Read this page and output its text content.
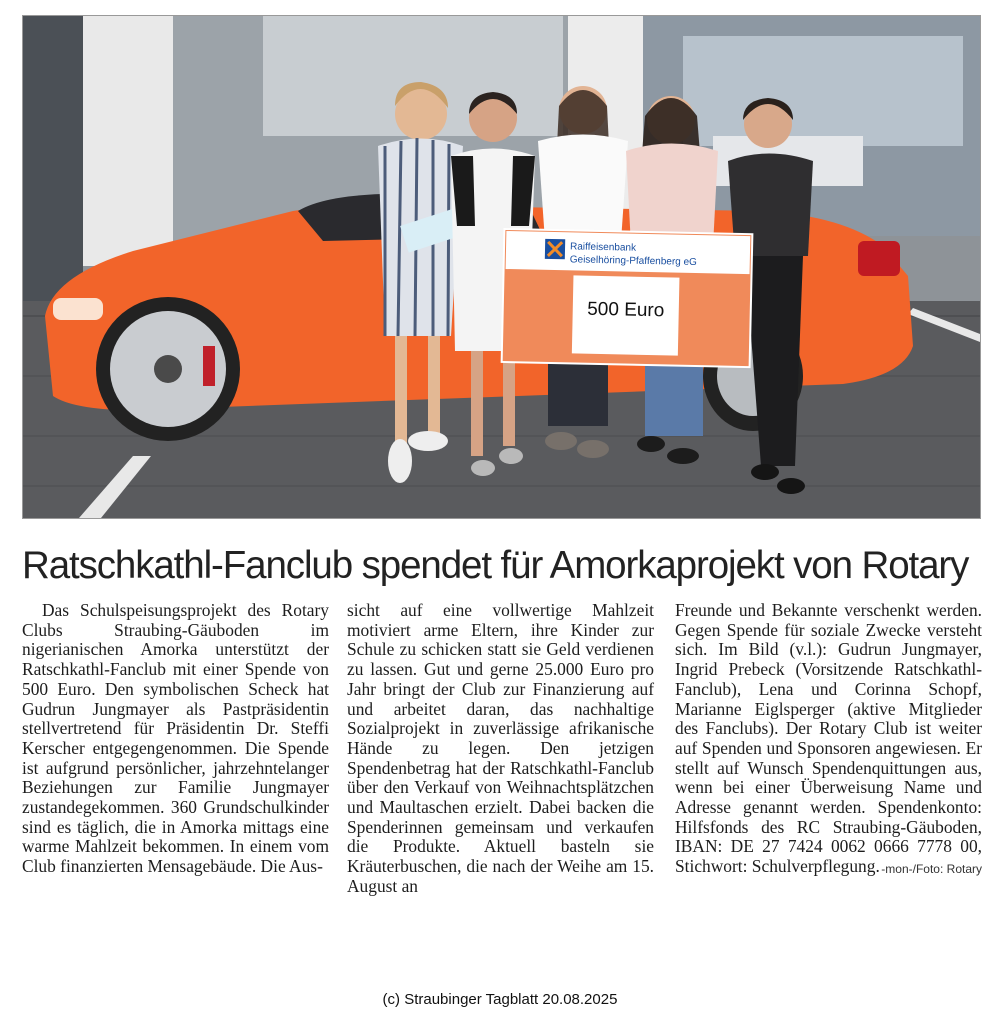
Raiffeisenbank
Geiselhöring-Pfaffenberg eG
500 Euro
Ratschkathl-Fanclub spendet für Amorkaprojekt von Rotary
Das Schulspeisungsprojekt des Rotary Clubs Straubing-Gäuboden im nigerianischen Amorka unterstützt der Ratschkathl-Fanclub mit einer Spende von 500 Euro. Den symbolischen Scheck hat Gudrun Jungmayer als Pastpräsidentin stellvertretend für Präsidentin Dr. Steffi Kerscher entgegengenommen. Die Spende ist aufgrund persönlicher, jahrzehntelanger Beziehungen zur Familie Jungmayer zustandegekommen. 360 Grundschulkinder sind es täglich, die in Amorka mittags eine warme Mahlzeit bekommen. In einem vom Club finanzierten Mensagebäude. Die Aus-
sicht auf eine vollwertige Mahlzeit motiviert arme Eltern, ihre Kinder zur Schule zu schicken statt sie Geld verdienen zu lassen. Gut und gerne 25.000 Euro pro Jahr bringt der Club zur Finanzierung auf und arbeitet daran, das nachhaltige Sozialprojekt in zuverlässige afrikanische Hände zu legen. Den jetzigen Spendenbetrag hat der Ratschkathl-Fanclub über den Verkauf von Weihnachtsplätzchen und Maultaschen erzielt. Dabei backen die Spenderinnen gemeinsam und verkaufen die Produkte. Aktuell basteln sie Kräuterbuschen, die nach der Weihe am 15. August an
Freunde und Bekannte verschenkt werden. Gegen Spende für soziale Zwecke versteht sich. Im Bild (v.l.): Gudrun Jungmayer, Ingrid Prebeck (Vorsitzende Ratschkathl-Fanclub), Lena und Corinna Schopf, Marianne Eiglsperger (aktive Mitglieder des Fanclubs). Der Rotary Club ist weiter auf Spenden und Sponsoren angewiesen. Er stellt auf Wunsch Spendenquittungen aus, wenn bei einer Überweisung Name und Adresse genannt werden. Spendenkonto: Hilfsfonds des RC Straubing-Gäuboden, IBAN: DE 27 7424 0062 0666 7778 00, Stichwort: Schulverpflegung. -mon-/Foto: Rotary
(c) Straubinger Tagblatt 20.08.2025
